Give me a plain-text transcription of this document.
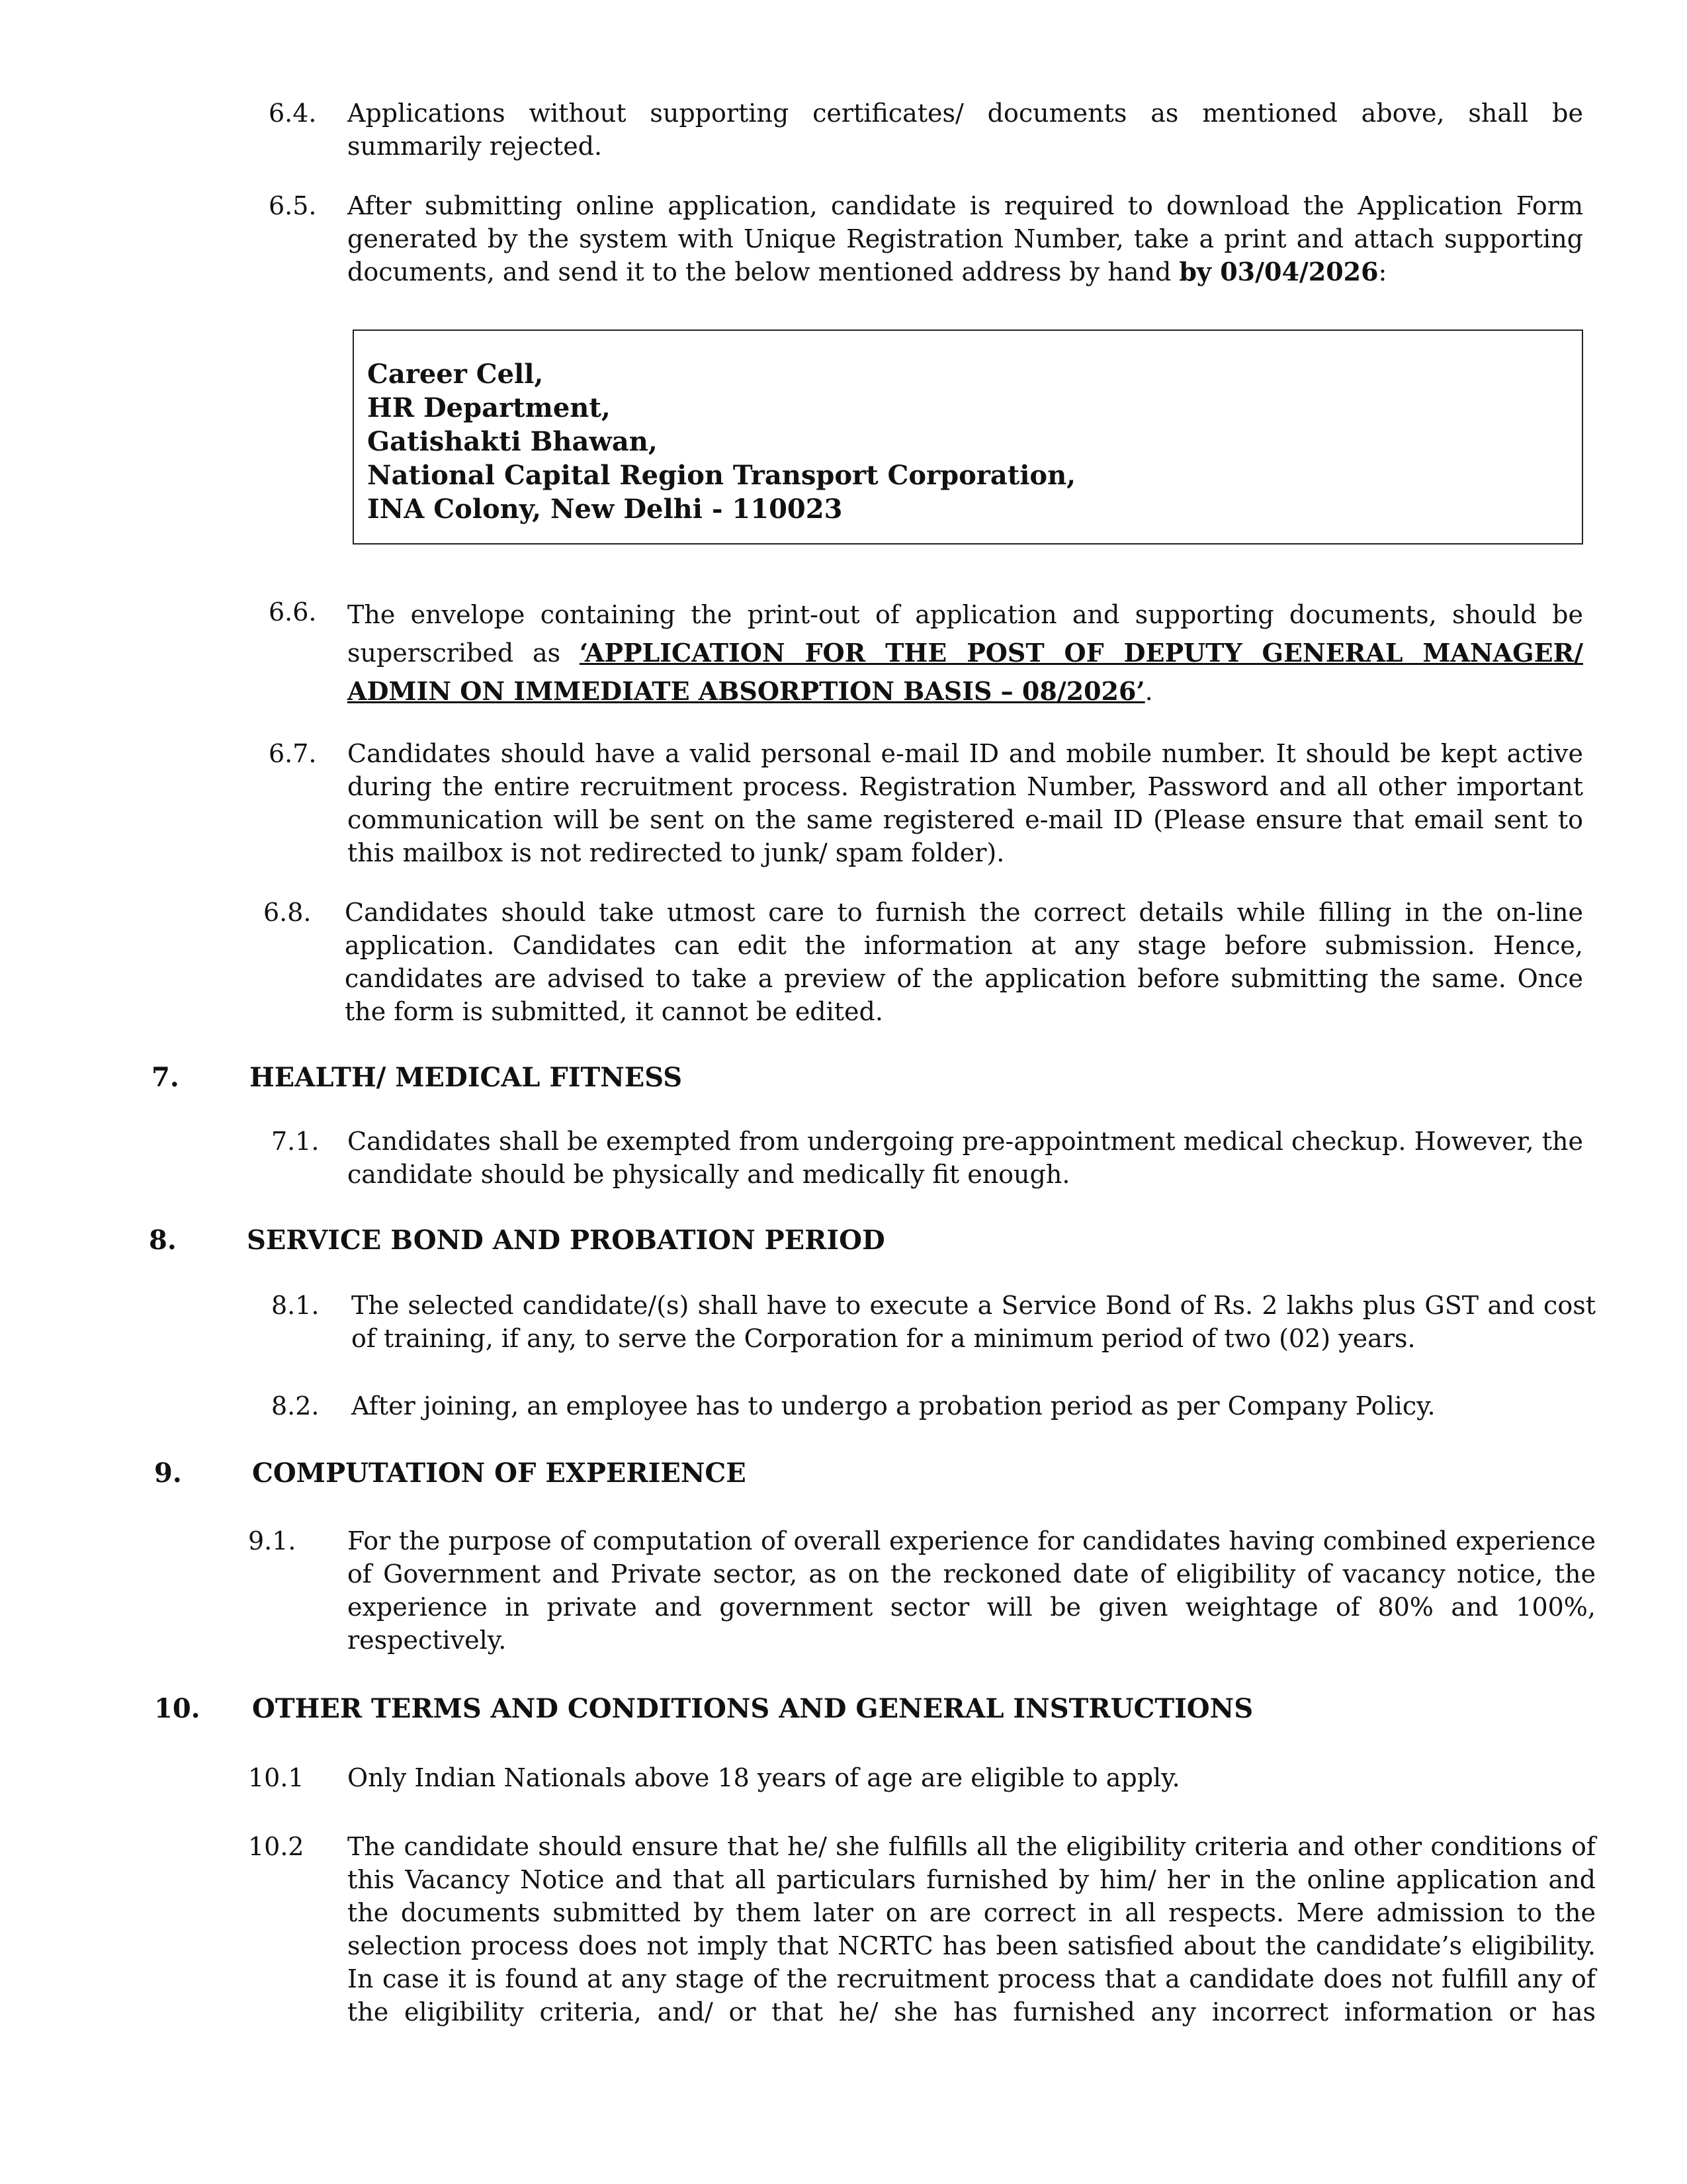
6.4. Applications without supporting certificates/ documents as mentioned above, shall be summarily rejected.
6.5. After submitting online application, candidate is required to download the Application Form generated by the system with Unique Registration Number, take a print and attach supporting documents, and send it to the below mentioned address by hand by 03/04/2026:
Career Cell,
HR Department,
Gatishakti Bhawan,
National Capital Region Transport Corporation,
INA Colony, New Delhi - 110023
6.6. The envelope containing the print-out of application and supporting documents, should be superscribed as ‘APPLICATION FOR THE POST OF DEPUTY GENERAL MANAGER/ ADMIN ON IMMEDIATE ABSORPTION BASIS – 08/2026’.
6.7. Candidates should have a valid personal e-mail ID and mobile number. It should be kept active during the entire recruitment process. Registration Number, Password and all other important communication will be sent on the same registered e-mail ID (Please ensure that email sent to this mailbox is not redirected to junk/ spam folder).
6.8. Candidates should take utmost care to furnish the correct details while filling in the on-line application. Candidates can edit the information at any stage before submission. Hence, candidates are advised to take a preview of the application before submitting the same. Once the form is submitted, it cannot be edited.
7.	HEALTH/ MEDICAL FITNESS
7.1. Candidates shall be exempted from undergoing pre-appointment medical checkup. However, the candidate should be physically and medically fit enough.
8.	SERVICE BOND AND PROBATION PERIOD
8.1. The selected candidate/(s) shall have to execute a Service Bond of Rs. 2 lakhs plus GST and cost of training, if any, to serve the Corporation for a minimum period of two (02) years.
8.2. After joining, an employee has to undergo a probation period as per Company Policy.
9.	COMPUTATION OF EXPERIENCE
9.1. For the purpose of computation of overall experience for candidates having combined experience of Government and Private sector, as on the reckoned date of eligibility of vacancy notice, the experience in private and government sector will be given weightage of 80% and 100%, respectively.
10. OTHER TERMS AND CONDITIONS AND GENERAL INSTRUCTIONS
10.1 Only Indian Nationals above 18 years of age are eligible to apply.
10.2 The candidate should ensure that he/ she fulfills all the eligibility criteria and other conditions of this Vacancy Notice and that all particulars furnished by him/ her in the online application and the documents submitted by them later on are correct in all respects. Mere admission to the selection process does not imply that NCRTC has been satisfied about the candidate’s eligibility. In case it is found at any stage of the recruitment process that a candidate does not fulfill any of the eligibility criteria, and/ or that he/ she has furnished any incorrect information or has
